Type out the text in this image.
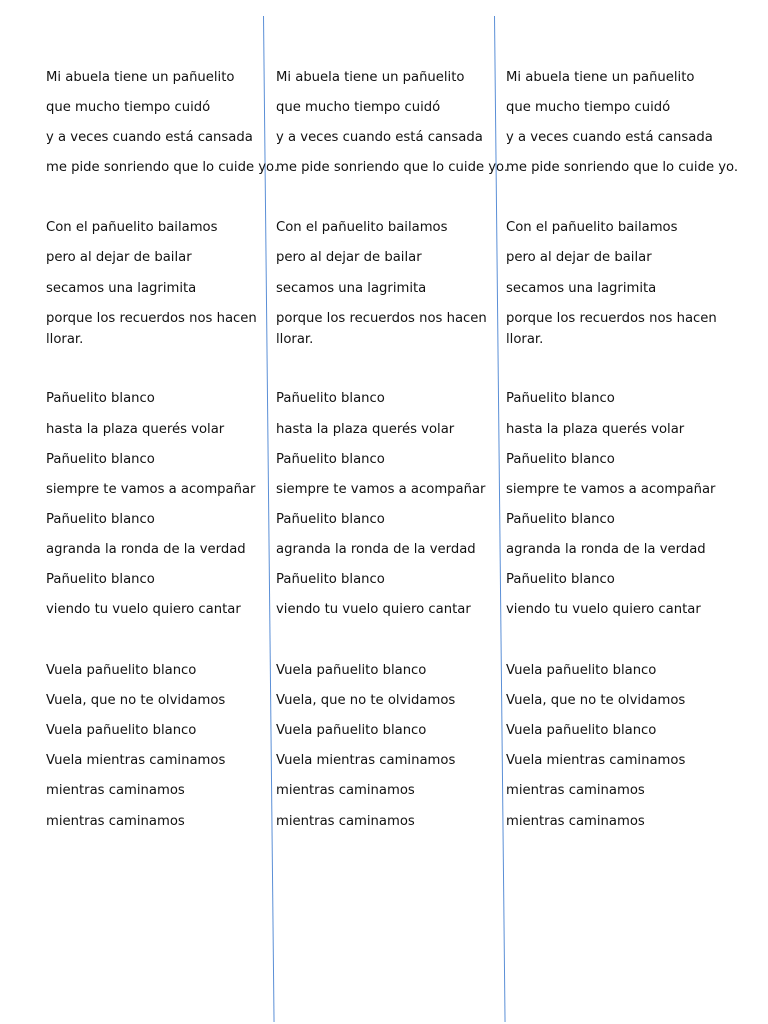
Mi abuela tiene un pañuelito
que mucho tiempo cuidó
y a veces cuando está cansada
me pide sonriendo que lo cuide yo.
Con el pañuelito bailamos
pero al dejar de bailar
secamos una lagrimita
porque los recuerdos nos hacen llorar.
Pañuelito blanco
hasta la plaza querés volar
Pañuelito blanco
siempre te vamos a acompañar
Pañuelito blanco
agranda la ronda de la verdad
Pañuelito blanco
viendo tu vuelo quiero cantar
Vuela pañuelito blanco
Vuela, que no te olvidamos
Vuela pañuelito blanco
Vuela mientras caminamos
mientras caminamos
mientras caminamos
Mi abuela tiene un pañuelito
que mucho tiempo cuidó
y a veces cuando está cansada
me pide sonriendo que lo cuide yo.
Con el pañuelito bailamos
pero al dejar de bailar
secamos una lagrimita
porque los recuerdos nos hacen llorar.
Pañuelito blanco
hasta la plaza querés volar
Pañuelito blanco
siempre te vamos a acompañar
Pañuelito blanco
agranda la ronda de la verdad
Pañuelito blanco
viendo tu vuelo quiero cantar
Vuela pañuelito blanco
Vuela, que no te olvidamos
Vuela pañuelito blanco
Vuela mientras caminamos
mientras caminamos
mientras caminamos
Mi abuela tiene un pañuelito
que mucho tiempo cuidó
y a veces cuando está cansada
me pide sonriendo que lo cuide yo.
Con el pañuelito bailamos
pero al dejar de bailar
secamos una lagrimita
porque los recuerdos nos hacen llorar.
Pañuelito blanco
hasta la plaza querés volar
Pañuelito blanco
siempre te vamos a acompañar
Pañuelito blanco
agranda la ronda de la verdad
Pañuelito blanco
viendo tu vuelo quiero cantar
Vuela pañuelito blanco
Vuela, que no te olvidamos
Vuela pañuelito blanco
Vuela mientras caminamos
mientras caminamos
mientras caminamos
